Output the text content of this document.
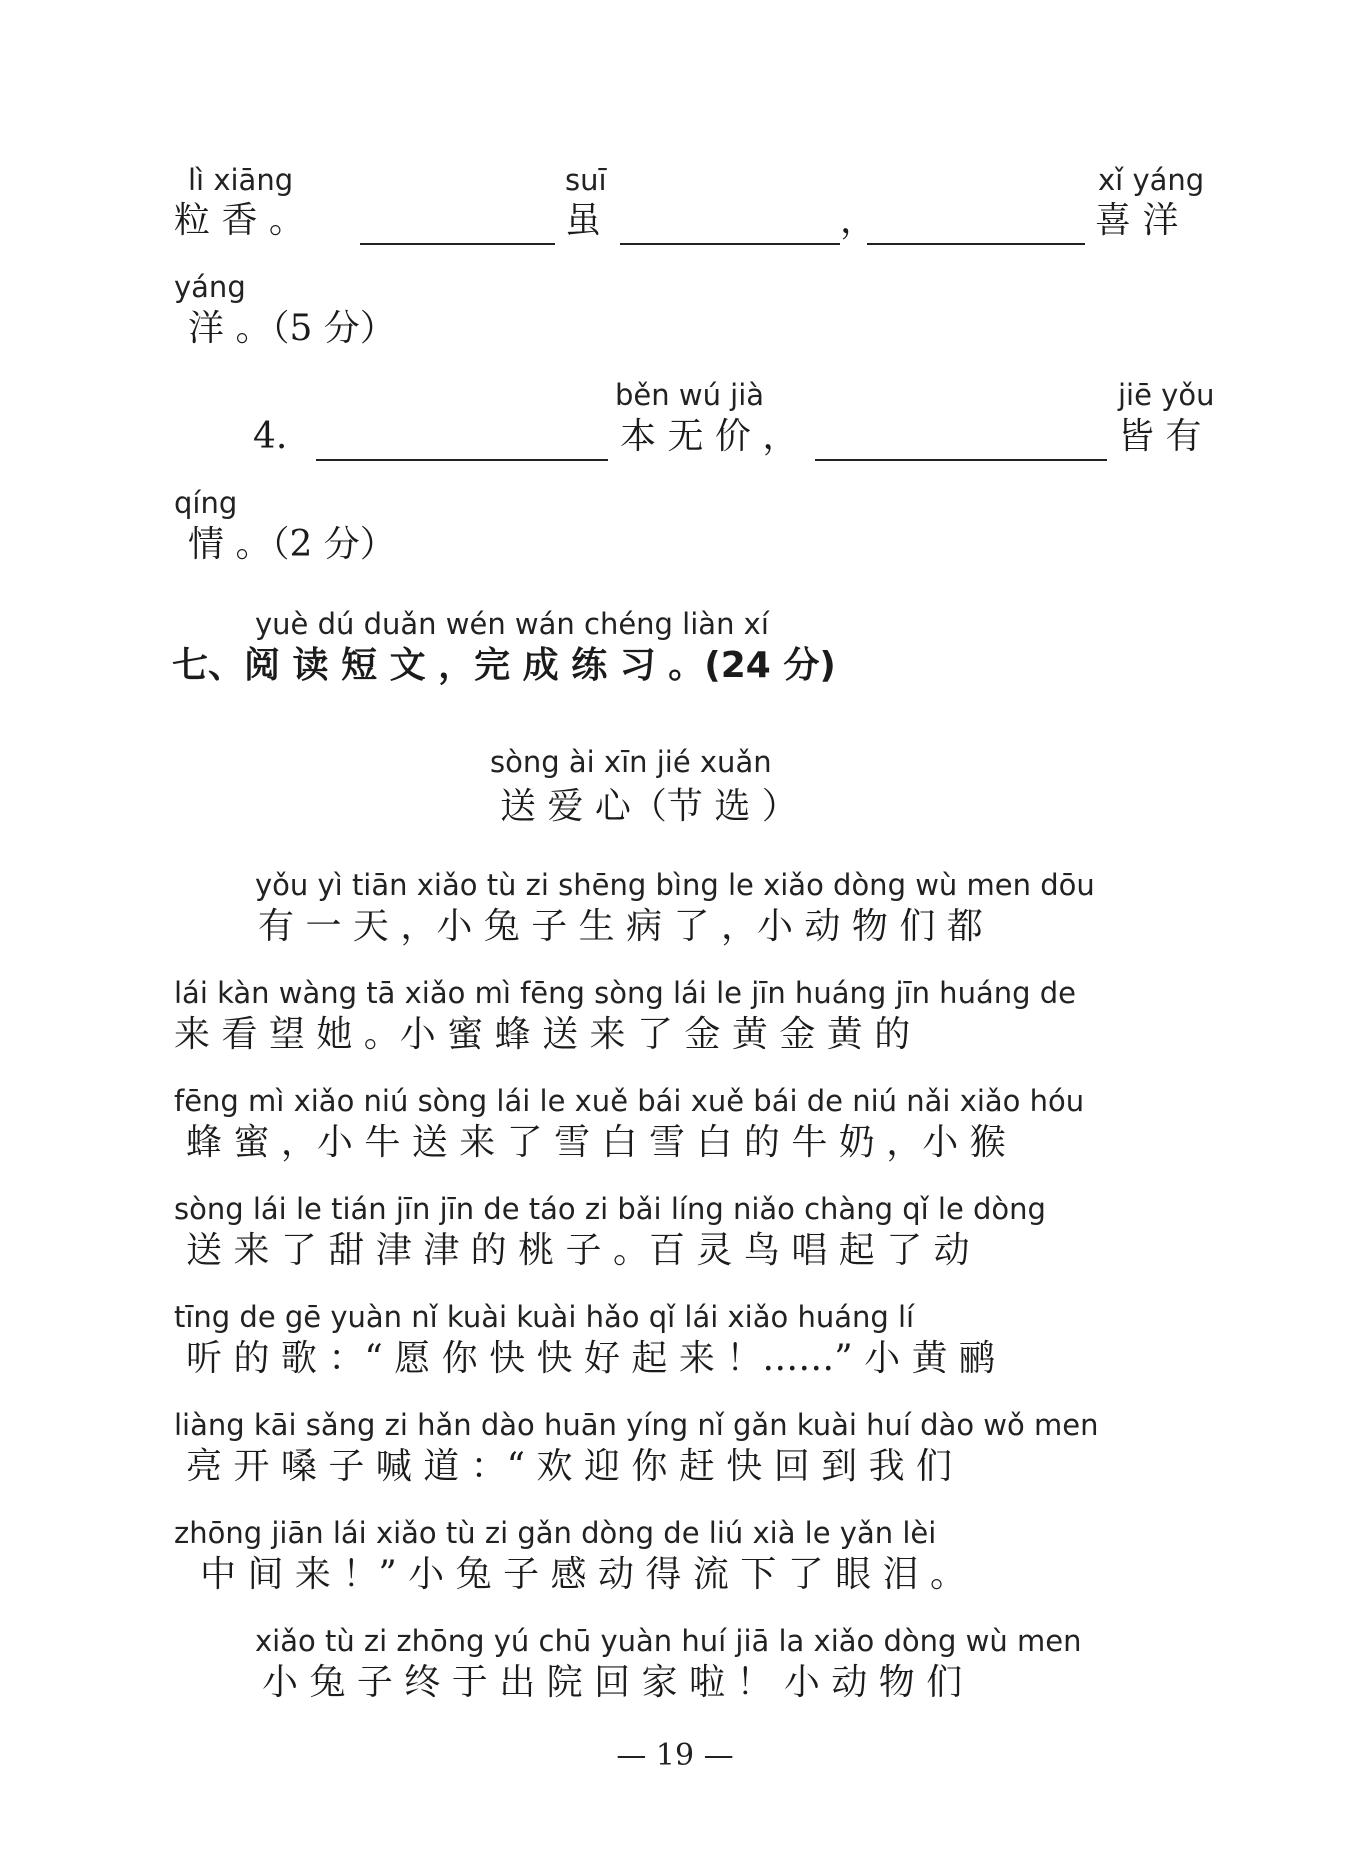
lì xiāng	suī	xǐ yáng
粒 香 。	虽	，	喜 洋
yáng
洋 。（5 分）
běn wú jià	jiē yǒu
4.	本 无 价 ，	皆 有
qíng
情 。（2 分）
yuè dú duǎn wén wán chéng liàn xí
七、阅 读 短 文 ，完 成 练 习 。(24 分)
sòng ài xīn jié xuǎn
送 爱 心（节 选 ）
yǒu yì tiān xiǎo tù zi shēng bìng le xiǎo dòng wù men dōu
有 一 天 ，小 兔 子 生 病 了 ，小 动 物 们 都
lái kàn wàng tā xiǎo mì fēng sòng lái le jīn huáng jīn huáng de
来 看 望 她 。小 蜜 蜂 送 来 了 金 黄 金 黄 的
fēng mì xiǎo niú sòng lái le xuě bái xuě bái de niú nǎi xiǎo hóu
蜂 蜜 ，小 牛 送 来 了 雪 白 雪 白 的 牛 奶 ，小 猴
sòng lái le tián jīn jīn de táo zi bǎi líng niǎo chàng qǐ le dòng
送 来 了 甜 津 津 的 桃 子 。百 灵 鸟 唱 起 了 动
tīng de gē yuàn nǐ kuài kuài hǎo qǐ lái xiǎo huáng lí
听 的 歌 ：“ 愿 你 快 快 好 起 来 ！……” 小 黄 鹂
liàng kāi sǎng zi hǎn dào huān yíng nǐ gǎn kuài huí dào wǒ men
亮 开 嗓 子 喊 道 ：“ 欢 迎 你 赶 快 回 到 我 们
zhōng jiān lái xiǎo tù zi gǎn dòng de liú xià le yǎn lèi
中 间 来 ！” 小 兔 子 感 动 得 流 下 了 眼 泪 。
xiǎo tù zi zhōng yú chū yuàn huí jiā la xiǎo dòng wù men
小 兔 子 终 于 出 院 回 家 啦 ！ 小 动 物 们
— 19 —
